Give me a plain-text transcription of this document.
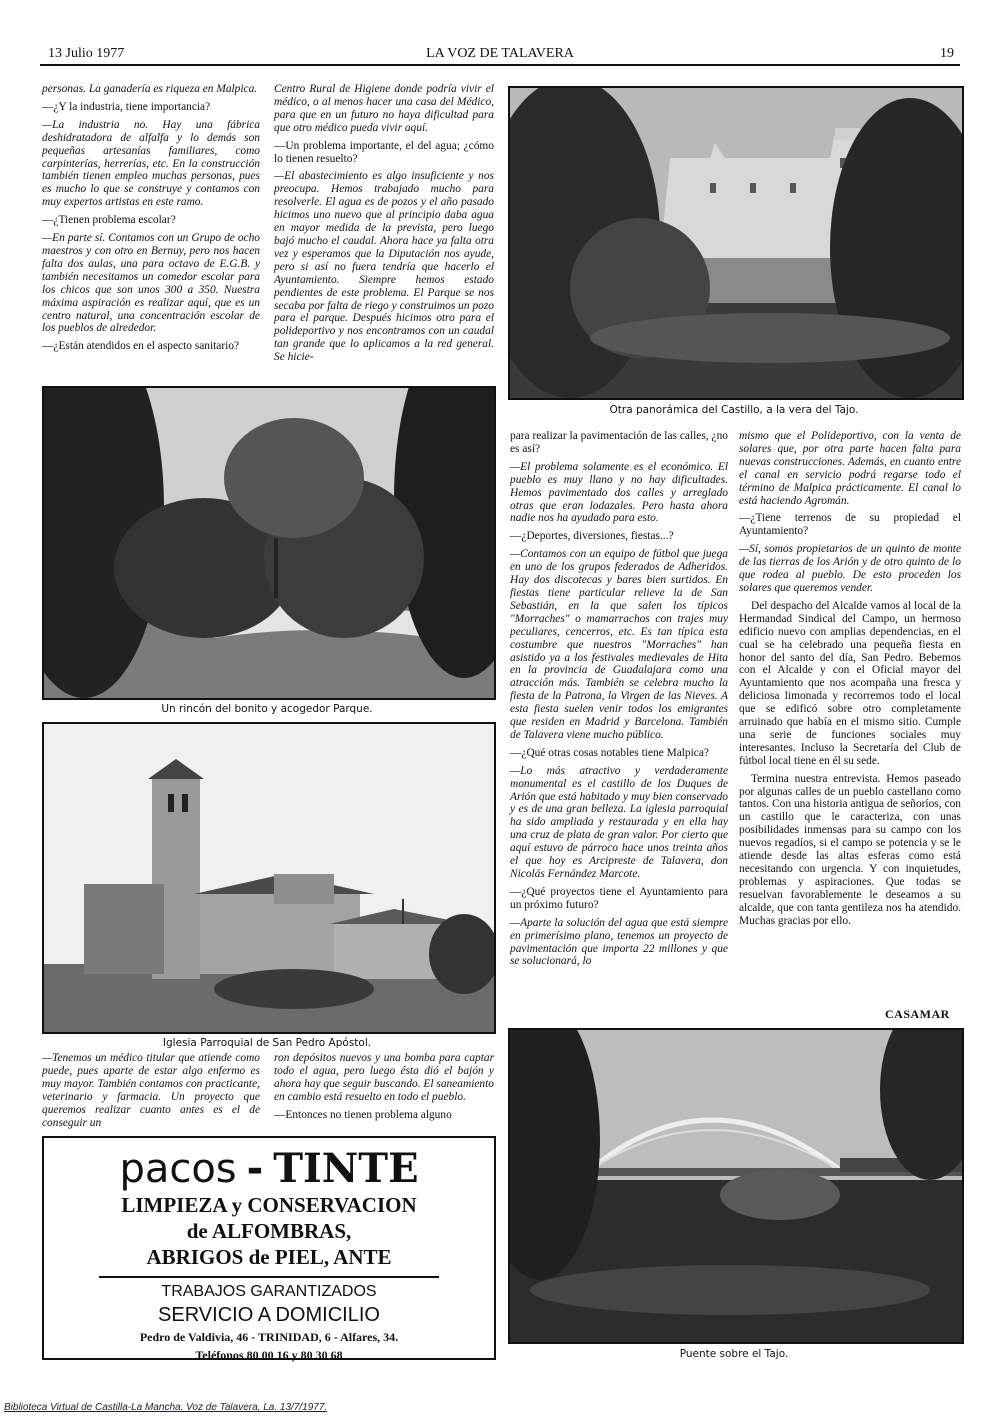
13 Julio 1977	LA VOZ DE TALAVERA	19

personas. La ganadería es riqueza en Malpica.

—¿Y la industria, tiene importancia?

—La industria no. Hay una fábrica deshidratadora de alfalfa y lo demás son pequeñas artesanías familiares, como carpinterías, herrerías, etc. En la construcción también tienen empleo muchas personas, pues es mucho lo que se construye y contamos con muy expertos artistas en este ramo.

—¿Tienen problema escolar?

—En parte sí. Contamos con un Grupo de ocho maestros y con otro en Bernuy, pero nos hacen falta dos aulas, una para octavo de E.G.B. y también necesitamos un comedor escolar para los chicos que son unos 300 a 350. Nuestra máxima aspiración es realizar aquí, que es un centro natural, una concentración escolar de los pueblos de alrededor.

—¿Están atendidos en el aspecto sanitario?

Centro Rural de Higiene donde podría vivir el médico, o al menos hacer una casa del Médico, para que en un futuro no haya dificultad para que otro médico pueda vivir aquí.

—Un problema importante, el del agua; ¿cómo lo tienen resuelto?

—El abastecimiento es algo insuficiente y nos preocupa. Hemos trabajado mucho para resolverle. El agua es de pozos y el año pasado hicimos uno nuevo que al principio daba agua en mayor medida de la prevista, pero luego bajó mucho el caudal. Ahora hace ya falta otra vez y esperamos que la Diputación nos ayude, pero si así no fuera tendría que hacerlo el Ayuntamiento. Siempre hemos estado pendientes de este problema. El Parque se nos secaba por falta de riego y construimos un pozo para el parque. Después hicimos otro para el polideportivo y nos encontramos con un caudal tan grande que lo aplicamos a la red general. Se hicie-

para realizar la pavimentación de las calles, ¿no es así?

—El problema solamente es el económico. El pueblo es muy llano y no hay dificultades. Hemos pavimentado dos calles y arreglado otras que eran lodazales. Pero hasta ahora nadie nos ha ayudado para esto.

—¿Deportes, diversiones, fiestas...?

—Contamos con un equipo de fútbol que juega en uno de los grupos federados de Adheridos. Hay dos discotecas y bares bien surtidos. En fiestas tiene particular relieve la de San Sebastián, en la que salen los típicos "Morraches" o mamarrachos con trajes muy peculiares, cencerros, etc. Es tan típica esta costumbre que nuestros "Morraches" han asistido ya a los festivales medievales de Hita en la provincia de Guadalajara como una atracción más. También se celebra mucho la fiesta de la Patrona, la Virgen de las Nieves. A esta fiesta suelen venir todos los emigrantes que residen en Madrid y Barcelona. También de Talavera viene mucho público.

—¿Qué otras cosas notables tiene Malpica?

—Lo más atractivo y verdaderamente monumental es el castillo de los Duques de Arión que está habitado y muy bien conservado y es de una gran belleza. La iglesia parroquial ha sido ampliada y restaurada y en ella hay una cruz de plata de gran valor. Por cierto que aquí estuvo de párroco hace unos treinta años el que hoy es Arcipreste de Talavera, don Nicolás Fernández Marcote.

—¿Qué proyectos tiene el Ayuntamiento para un próximo futuro?

—Aparte la solución del agua que está siempre en primerísimo plano, tenemos un proyecto de pavimentación que importa 22 millones y que se solucionará, lo

mismo que el Polideportivo, con la venta de solares que, por otra parte hacen falta para nuevas construcciones. Además, en cuanto entre el canal en servicio podrá regarse todo el término de Malpica prácticamente. El canal lo está haciendo Agromán.

—¿Tiene terrenos de su propiedad el Ayuntamiento?

—Sí, somos propietarios de un quinto de monte de las tierras de los Arión y de otro quinto de lo que rodea al pueblo. De esto proceden los solares que queremos vender.

Del despacho del Alcalde vamos al local de la Hermandad Sindical del Campo, un hermoso edificio nuevo con amplias dependencias, en el cual se ha celebrado una pequeña fiesta en honor del santo del día, San Pedro. Bebemos con el Alcalde y con el Oficial mayor del Ayuntamiento que nos acompaña una fresca y deliciosa limonada y recorremos todo el local que se edificó sobre otro completamente arruinado que había en el mismo sitio. Cumple una serie de funciones sociales muy interesantes. Incluso la Secretaría del Club de fútbol local tiene en él su sede.

Termina nuestra entrevista. Hemos paseado por algunas calles de un pueblo castellano como tantos. Con una historia antigua de señoríos, con un castillo que le caracteriza, con unas posibilidades inmensas para su campo con los nuevos regadíos, si el campo se potencia y se le atiende desde las altas esferas como está necesitando con urgencia. Y con inquietudes, problemas y aspiraciones. Que todas se resuelvan favorablemente le deseamos a su alcalde, que con tanta gentileza nos ha atendido. Muchas gracias por ello.

—Tenemos un médico titular que atiende como puede, pues aparte de estar algo enfermo es muy mayor. También contamos con practicante, veterinario y farmacia. Un proyecto que queremos realizar cuanto antes es el de conseguir un

ron depósitos nuevos y una bomba para captar todo el agua, pero luego ésta dió el bajón y ahora hay que seguir buscando. El saneamiento en cambio está resuelto en todo el pueblo.

—Entonces no tienen problema alguno

CASAMAR
Otra panorámica del Castillo, a la vera del Tajo.
Un rincón del bonito y acogedor Parque.
Iglesia Parroquial de San Pedro Apóstol.
Puente sobre el Tajo.
pacos - TINTE
LIMPIEZA y CONSERVACION
de ALFOMBRAS,
ABRIGOS de PIEL, ANTE
TRABAJOS GARANTIZADOS
SERVICIO A DOMICILIO
Pedro de Valdivia, 46 - TRINIDAD, 6 - Alfares, 34.
Teléfonos 80 00 16 y 80 30 68
Biblioteca Virtual de Castilla-La Mancha. Voz de Talavera, La. 13/7/1977.
